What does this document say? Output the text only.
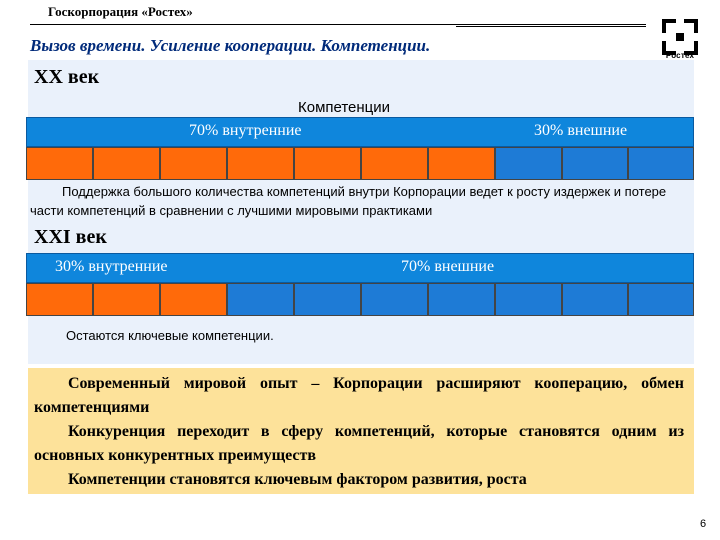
Госкорпорация «Ростех»
Вызов времени. Усиление кооперации. Компетенции.
Ростех
XX век
Компетенции
70% внутренние	30% внешние
Поддержка большого количества компетенций внутри Корпорации ведет к росту издержек и потере части компетенций в сравнении с лучшими мировыми практиками
XXI век
30% внутренние	70% внешние
Остаются ключевые компетенции.

Современный мировой опыт – Корпорации расширяют кооперацию, обмен компетенциями

Конкуренция переходит в сферу компетенций, которые становятся одним из основных конкурентных преимуществ

Компетенции становятся ключевым фактором развития, роста

6
